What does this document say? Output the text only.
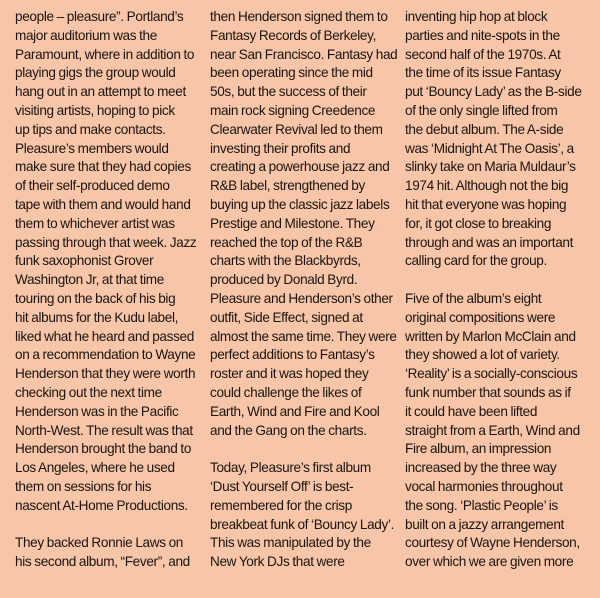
people – pleasure”. Portland’s
major auditorium was the
Paramount, where in addition to
playing gigs the group would
hang out in an attempt to meet
visiting artists, hoping to pick
up tips and make contacts.
Pleasure’s members would
make sure that they had copies
of their self-produced demo
tape with them and would hand
them to whichever artist was
passing through that week. Jazz
funk saxophonist Grover
Washington Jr, at that time
touring on the back of his big
hit albums for the Kudu label,
liked what he heard and passed
on a recommendation to Wayne
Henderson that they were worth
checking out the next time
Henderson was in the Pacific
North-West. The result was that
Henderson brought the band to
Los Angeles, where he used
them on sessions for his
nascent At-Home Productions.
They backed Ronnie Laws on
his second album, “Fever”, and
then Henderson signed them to
Fantasy Records of Berkeley,
near San Francisco. Fantasy had
been operating since the mid
50s, but the success of their
main rock signing Creedence
Clearwater Revival led to them
investing their profits and
creating a powerhouse jazz and
R&B label, strengthened by
buying up the classic jazz labels
Prestige and Milestone. They
reached the top of the R&B
charts with the Blackbyrds,
produced by Donald Byrd.
Pleasure and Henderson’s other
outfit, Side Effect, signed at
almost the same time. They were
perfect additions to Fantasy’s
roster and it was hoped they
could challenge the likes of
Earth, Wind and Fire and Kool
and the Gang on the charts.
Today, Pleasure’s first album
‘Dust Yourself Off’ is best-
remembered for the crisp
breakbeat funk of ‘Bouncy Lady’.
This was manipulated by the
New York DJs that were
inventing hip hop at block
parties and nite-spots in the
second half of the 1970s. At
the time of its issue Fantasy
put ‘Bouncy Lady’ as the B-side
of the only single lifted from
the debut album. The A-side
was ‘Midnight At The Oasis’, a
slinky take on Maria Muldaur’s
1974 hit. Although not the big
hit that everyone was hoping
for, it got close to breaking
through and was an important
calling card for the group.
Five of the album’s eight
original compositions were
written by Marlon McClain and
they showed a lot of variety.
‘Reality’ is a socially-conscious
funk number that sounds as if
it could have been lifted
straight from a Earth, Wind and
Fire album, an impression
increased by the three way
vocal harmonies throughout
the song. ‘Plastic People’ is
built on a jazzy arrangement
courtesy of Wayne Henderson,
over which we are given more
